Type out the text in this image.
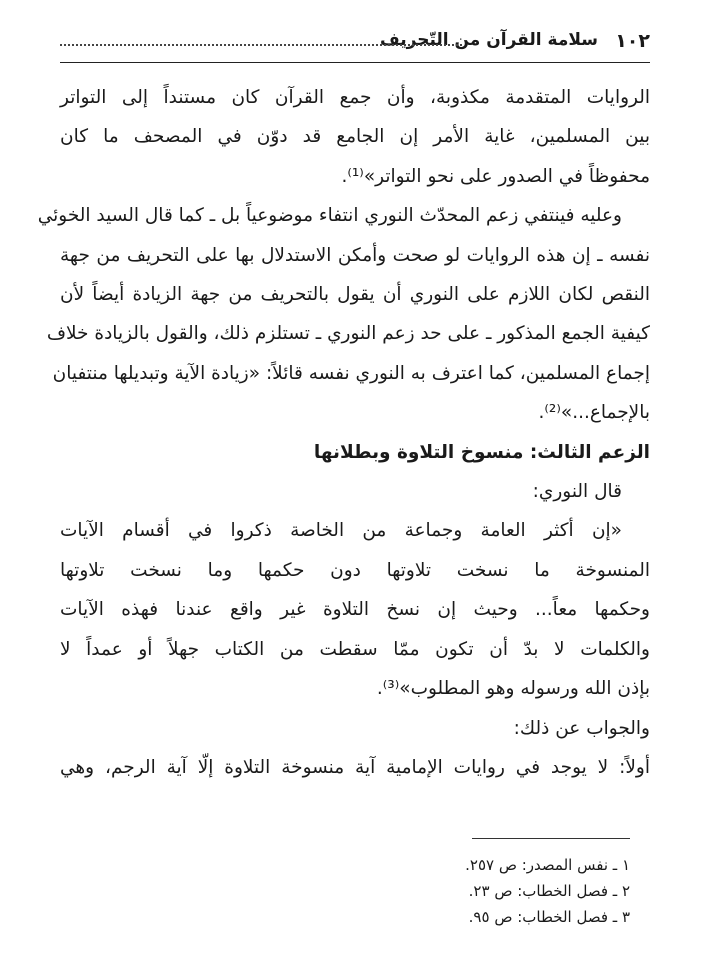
١٠٢
سلامة القرآن من التّحريف
الروايات المتقدمة مكذوبة، وأن جمع القرآن كان مستنداً إلى التواتر
بين المسلمين، غاية الأمر إن الجامع قد دوّن في المصحف ما كان
محفوظاً في الصدور على نحو التواتر»⁽¹⁾.
وعليه فينتفي زعم المحدّث النوري انتفاء موضوعياً بل ـ كما قال السيد الخوئي
نفسه ـ إن هذه الروايات لو صحت وأمكن الاستدلال بها على التحريف من جهة
النقص لكان اللازم على النوري أن يقول بالتحريف من جهة الزيادة أيضاً لأن
كيفية الجمع المذكور ـ على حد زعم النوري ـ تستلزم ذلك، والقول بالزيادة خلاف
إجماع المسلمين، كما اعترف به النوري نفسه قائلاً: «زيادة الآية وتبديلها منتفيان
بالإجماع...»⁽²⁾.
الزعم الثالث: منسوخ التلاوة وبطلانها
قال النوري:
«إن أكثر العامة وجماعة من الخاصة ذكروا في أقسام الآيات
المنسوخة ما نسخت تلاوتها دون حكمها وما نسخت تلاوتها
وحكمها معاً... وحيث إن نسخ التلاوة غير واقع عندنا فهذه الآيات
والكلمات لا بدّ أن تكون ممّا سقطت من الكتاب جهلاً أو عمداً لا
بإذن الله ورسوله وهو المطلوب»⁽³⁾.
والجواب عن ذلك:
أولاً: لا يوجد في روايات الإمامية آية منسوخة التلاوة إلّا آية الرجم، وهي
١ ـ نفس المصدر: ص ٢٥٧.
٢ ـ فصل الخطاب: ص ٢٣.
٣ ـ فصل الخطاب: ص ٩٥.
